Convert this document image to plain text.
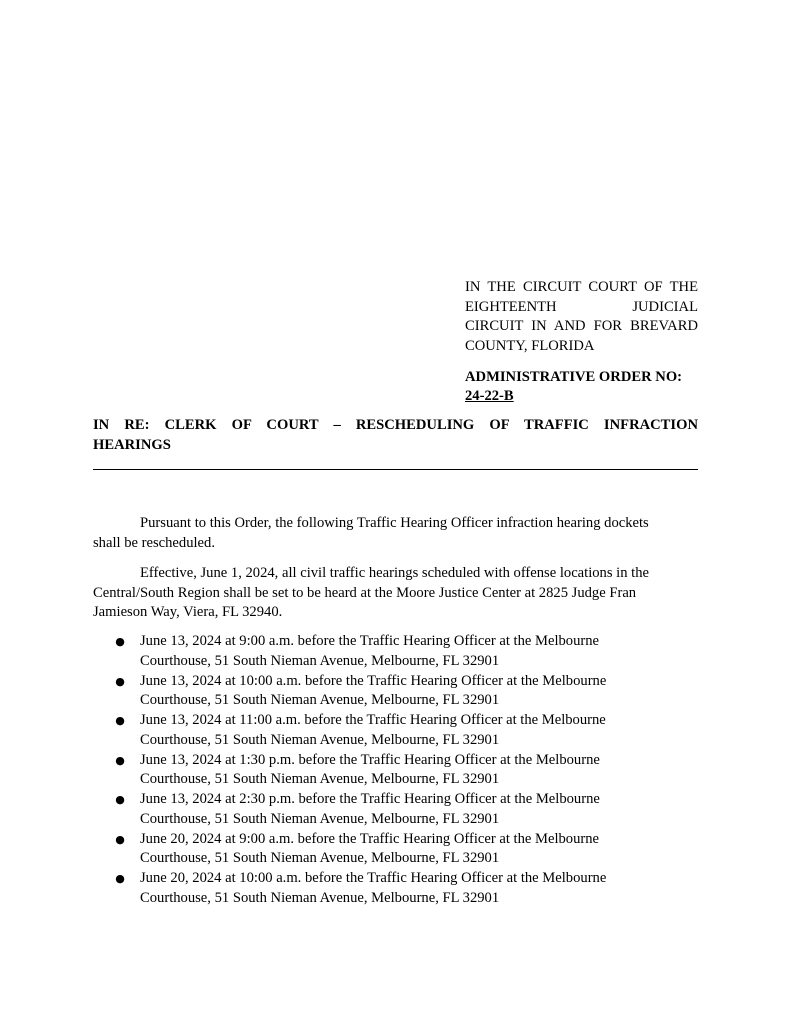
IN THE CIRCUIT COURT OF THE
EIGHTEENTH JUDICIAL
CIRCUIT IN AND FOR BREVARD
COUNTY, FLORIDA
ADMINISTRATIVE ORDER NO:
24-22-B
IN RE: CLERK OF COURT – RESCHEDULING OF TRAFFIC INFRACTION
HEARINGS
Pursuant to this Order, the following Traffic Hearing Officer infraction hearing dockets
shall be rescheduled.
Effective, June 1, 2024, all civil traffic hearings scheduled with offense locations in the
Central/South Region shall be set to be heard at the Moore Justice Center at 2825 Judge Fran
Jamieson Way, Viera, FL 32940.
● June 13, 2024 at 9:00 a.m. before the Traffic Hearing Officer at the Melbourne
Courthouse, 51 South Nieman Avenue, Melbourne, FL 32901
● June 13, 2024 at 10:00 a.m. before the Traffic Hearing Officer at the Melbourne
Courthouse, 51 South Nieman Avenue, Melbourne, FL 32901
● June 13, 2024 at 11:00 a.m. before the Traffic Hearing Officer at the Melbourne
Courthouse, 51 South Nieman Avenue, Melbourne, FL 32901
● June 13, 2024 at 1:30 p.m. before the Traffic Hearing Officer at the Melbourne
Courthouse, 51 South Nieman Avenue, Melbourne, FL 32901
● June 13, 2024 at 2:30 p.m. before the Traffic Hearing Officer at the Melbourne
Courthouse, 51 South Nieman Avenue, Melbourne, FL 32901
● June 20, 2024 at 9:00 a.m. before the Traffic Hearing Officer at the Melbourne
Courthouse, 51 South Nieman Avenue, Melbourne, FL 32901
● June 20, 2024 at 10:00 a.m. before the Traffic Hearing Officer at the Melbourne
Courthouse, 51 South Nieman Avenue, Melbourne, FL 32901
